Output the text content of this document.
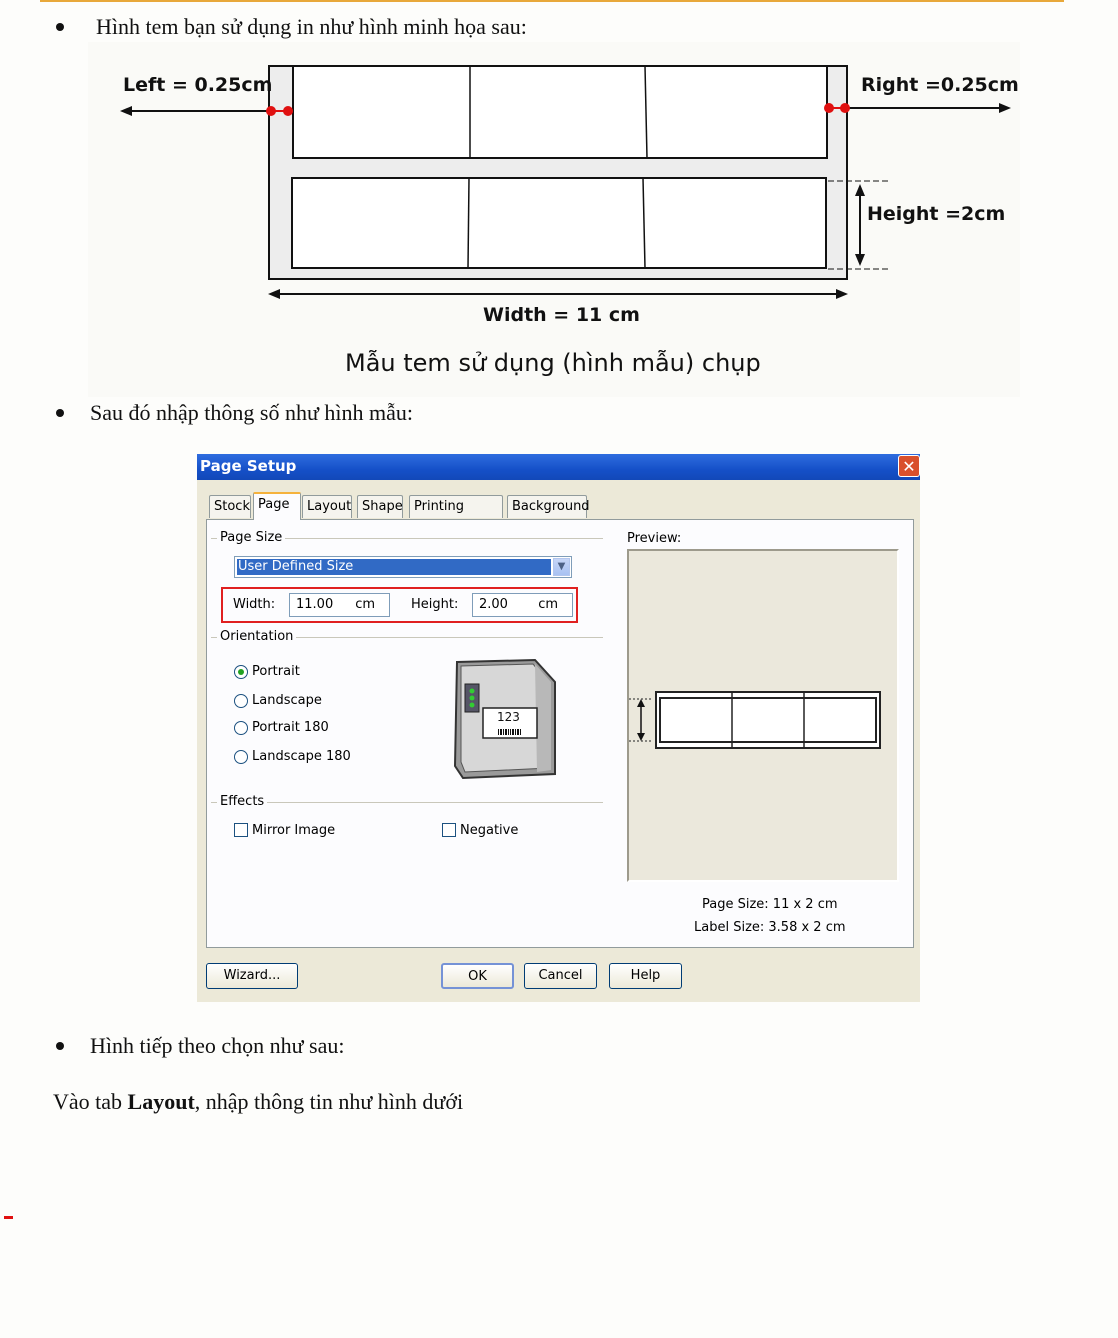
Hình tem bạn sử dụng in như hình minh họa sau:
Left = 0.25cm	Right =0.25cm
Height =2cm
Width = 11 cm
Mẫu tem sử dụng (hình mẫu) chụp
Sau đó nhập thông số như hình mẫu:
Page Setup	✕
Stock Page	Layout Shape Printing	Background
Page Size
User Defined Size	▼
Width: 11.00 cm	Height: 2.00 cm
Orientation
Portrait
Landscape
Portrait 180
Landscape 180
123
Effects
Mirror Image	Negative
Preview:
Page Size: 11 x 2 cm
Label Size: 3.58 x 2 cm
Wizard...	OK	Cancel	Help
Hình tiếp theo chọn như sau:
Vào tab Layout, nhập thông tin như hình dưới
